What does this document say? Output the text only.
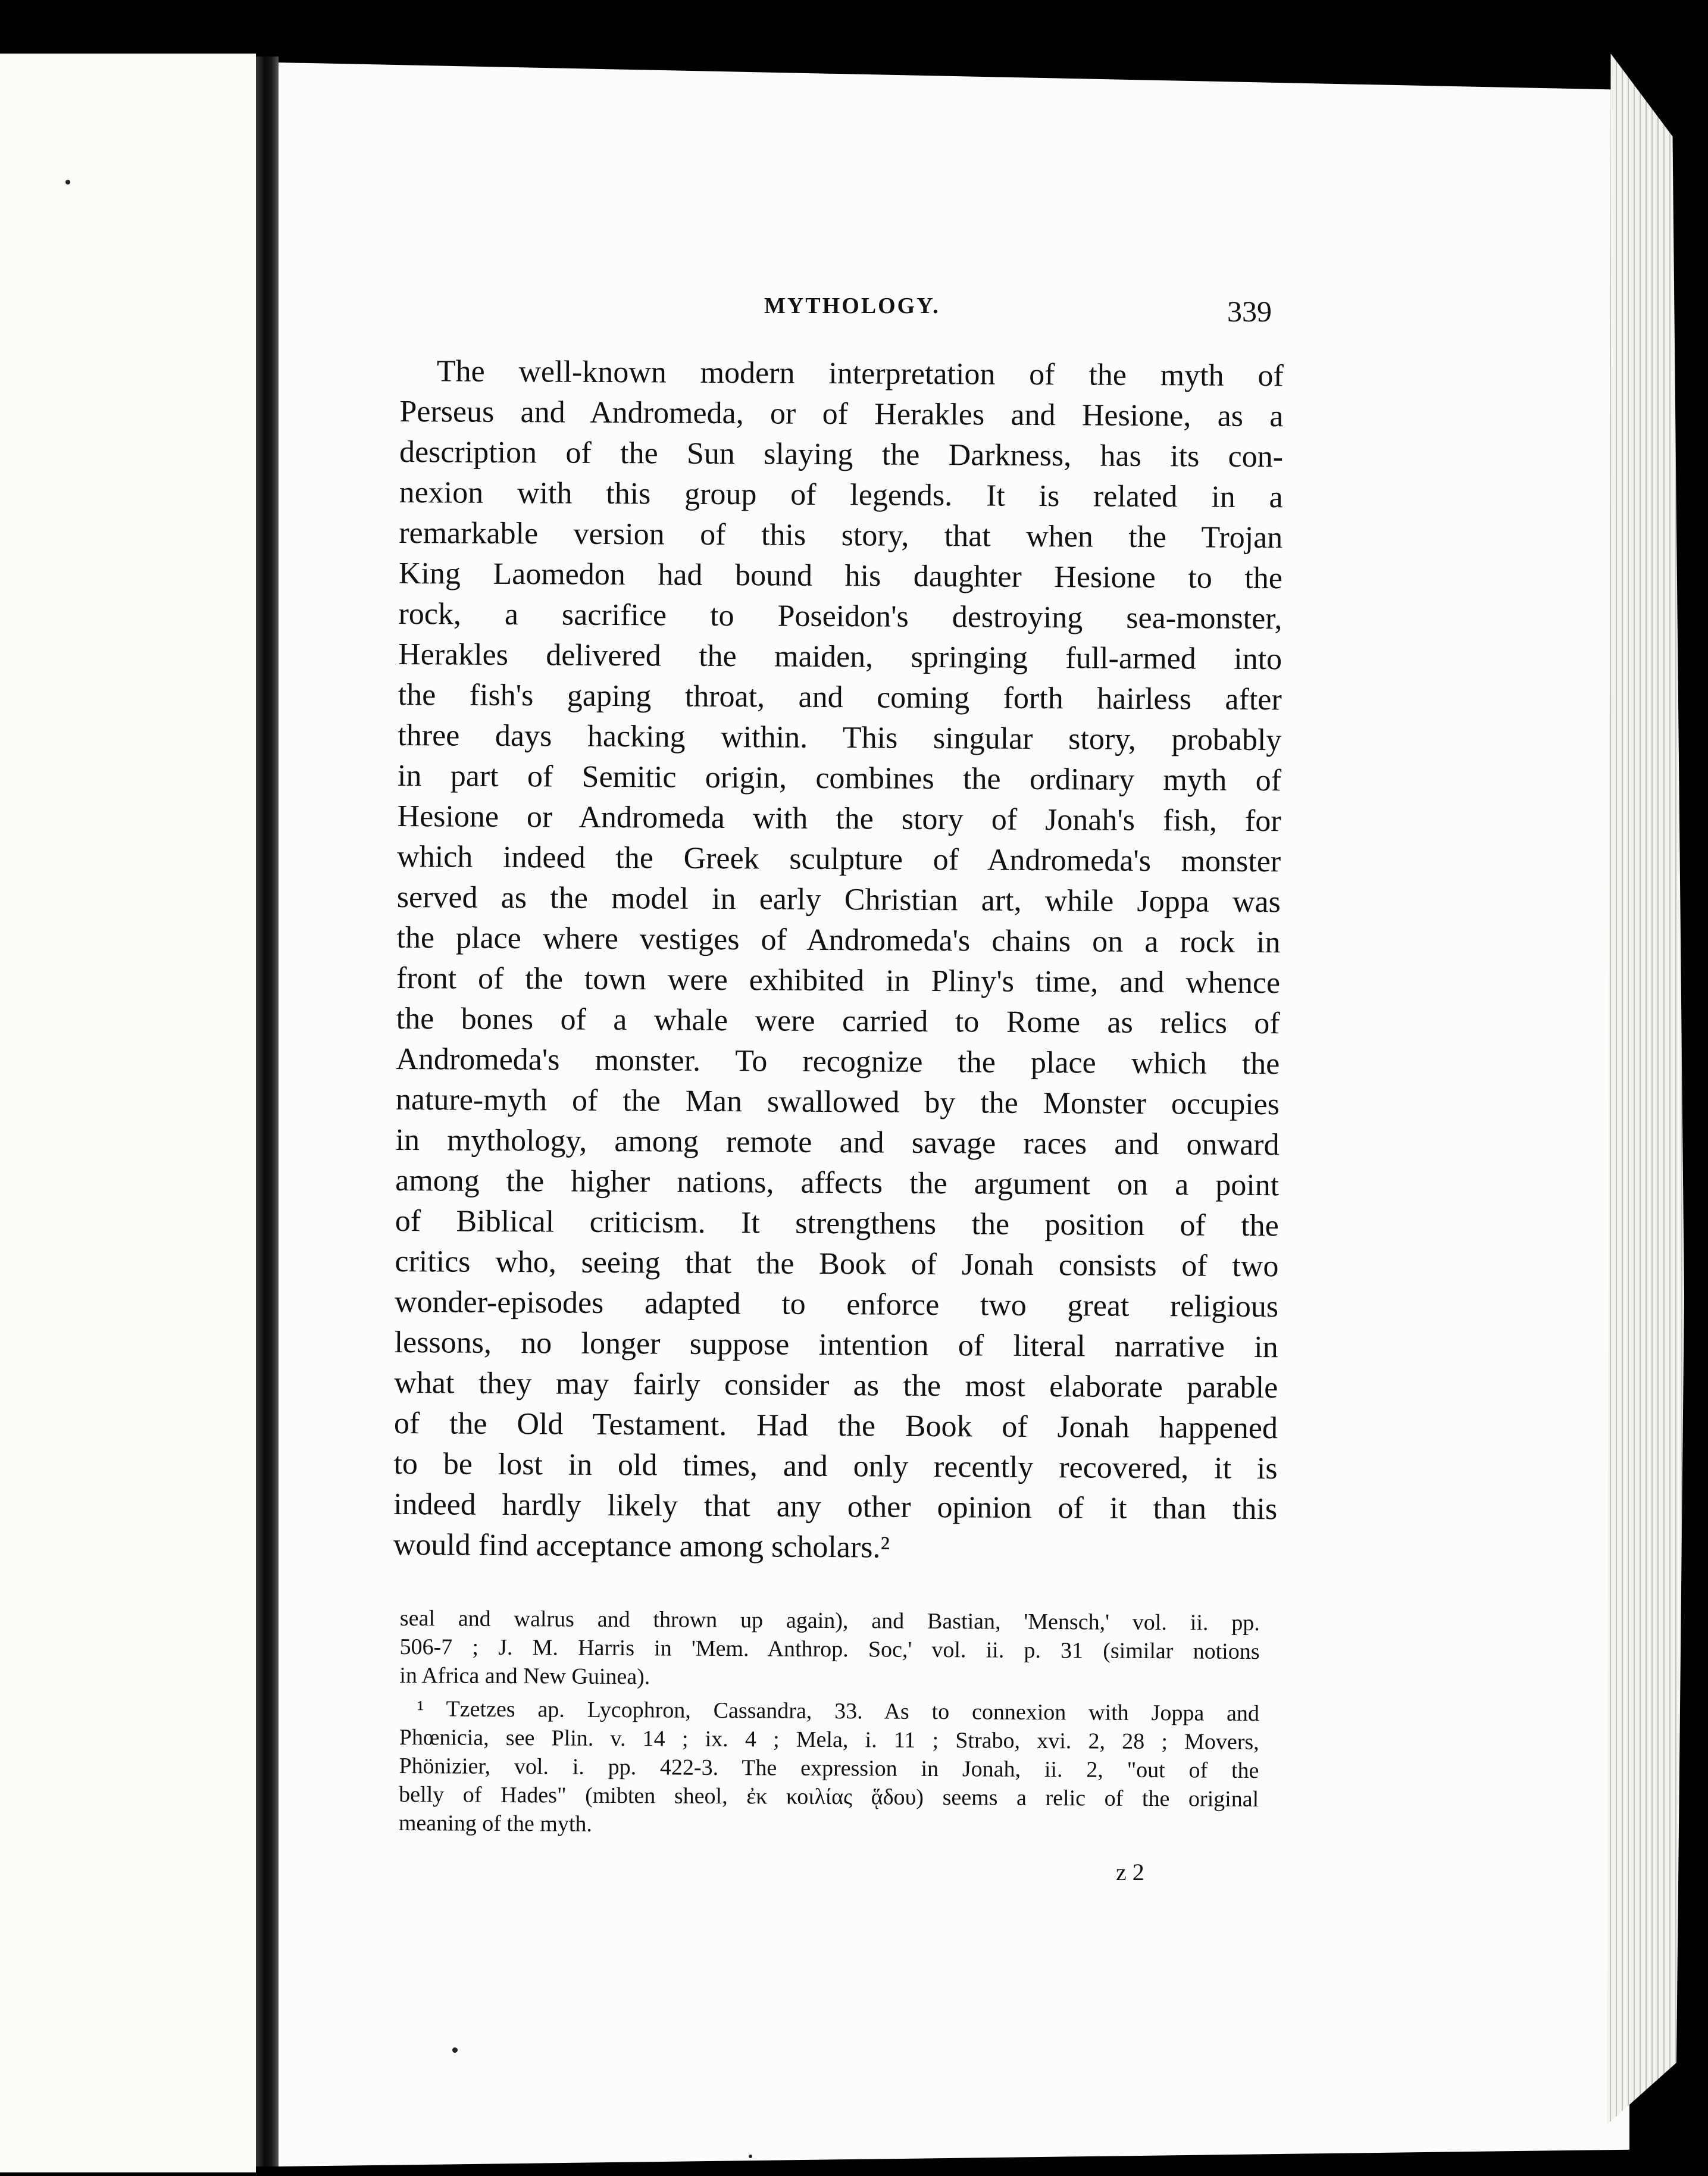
MYTHOLOGY.	339
The well-known modern interpretation of the myth of
Perseus and Andromeda, or of Herakles and Hesione, as a
description of the Sun slaying the Darkness, has its con-
nexion with this group of legends. It is related in a
remarkable version of this story, that when the Trojan
King Laomedon had bound his daughter Hesione to the
rock, a sacrifice to Poseidon's destroying sea-monster,
Herakles delivered the maiden, springing full-armed into
the fish's gaping throat, and coming forth hairless after
three days hacking within. This singular story, probably
in part of Semitic origin, combines the ordinary myth of
Hesione or Andromeda with the story of Jonah's fish, for
which indeed the Greek sculpture of Andromeda's monster
served as the model in early Christian art, while Joppa was
the place where vestiges of Andromeda's chains on a rock in
front of the town were exhibited in Pliny's time, and whence
the bones of a whale were carried to Rome as relics of
Andromeda's monster. To recognize the place which the
nature-myth of the Man swallowed by the Monster occupies
in mythology, among remote and savage races and onward
among the higher nations, affects the argument on a point
of Biblical criticism. It strengthens the position of the
critics who, seeing that the Book of Jonah consists of two
wonder-episodes adapted to enforce two great religious
lessons, no longer suppose intention of literal narrative in
what they may fairly consider as the most elaborate parable
of the Old Testament. Had the Book of Jonah happened
to be lost in old times, and only recently recovered, it is
indeed hardly likely that any other opinion of it than this
would find acceptance among scholars.²
seal and walrus and thrown up again), and Bastian, 'Mensch,' vol. ii. pp.
506-7 ; J. M. Harris in 'Mem. Anthrop. Soc,' vol. ii. p. 31 (similar notions
in Africa and New Guinea).
¹ Tzetzes ap. Lycophron, Cassandra, 33. As to connexion with Joppa and
Phœnicia, see Plin. v. 14 ; ix. 4 ; Mela, i. 11 ; Strabo, xvi. 2, 28 ; Movers,
Phönizier, vol. i. pp. 422-3. The expression in Jonah, ii. 2, "out of the
belly of Hades" (mibten sheol, ἐκ κοιλίας ᾅδου) seems a relic of the original
meaning of the myth.
z 2
